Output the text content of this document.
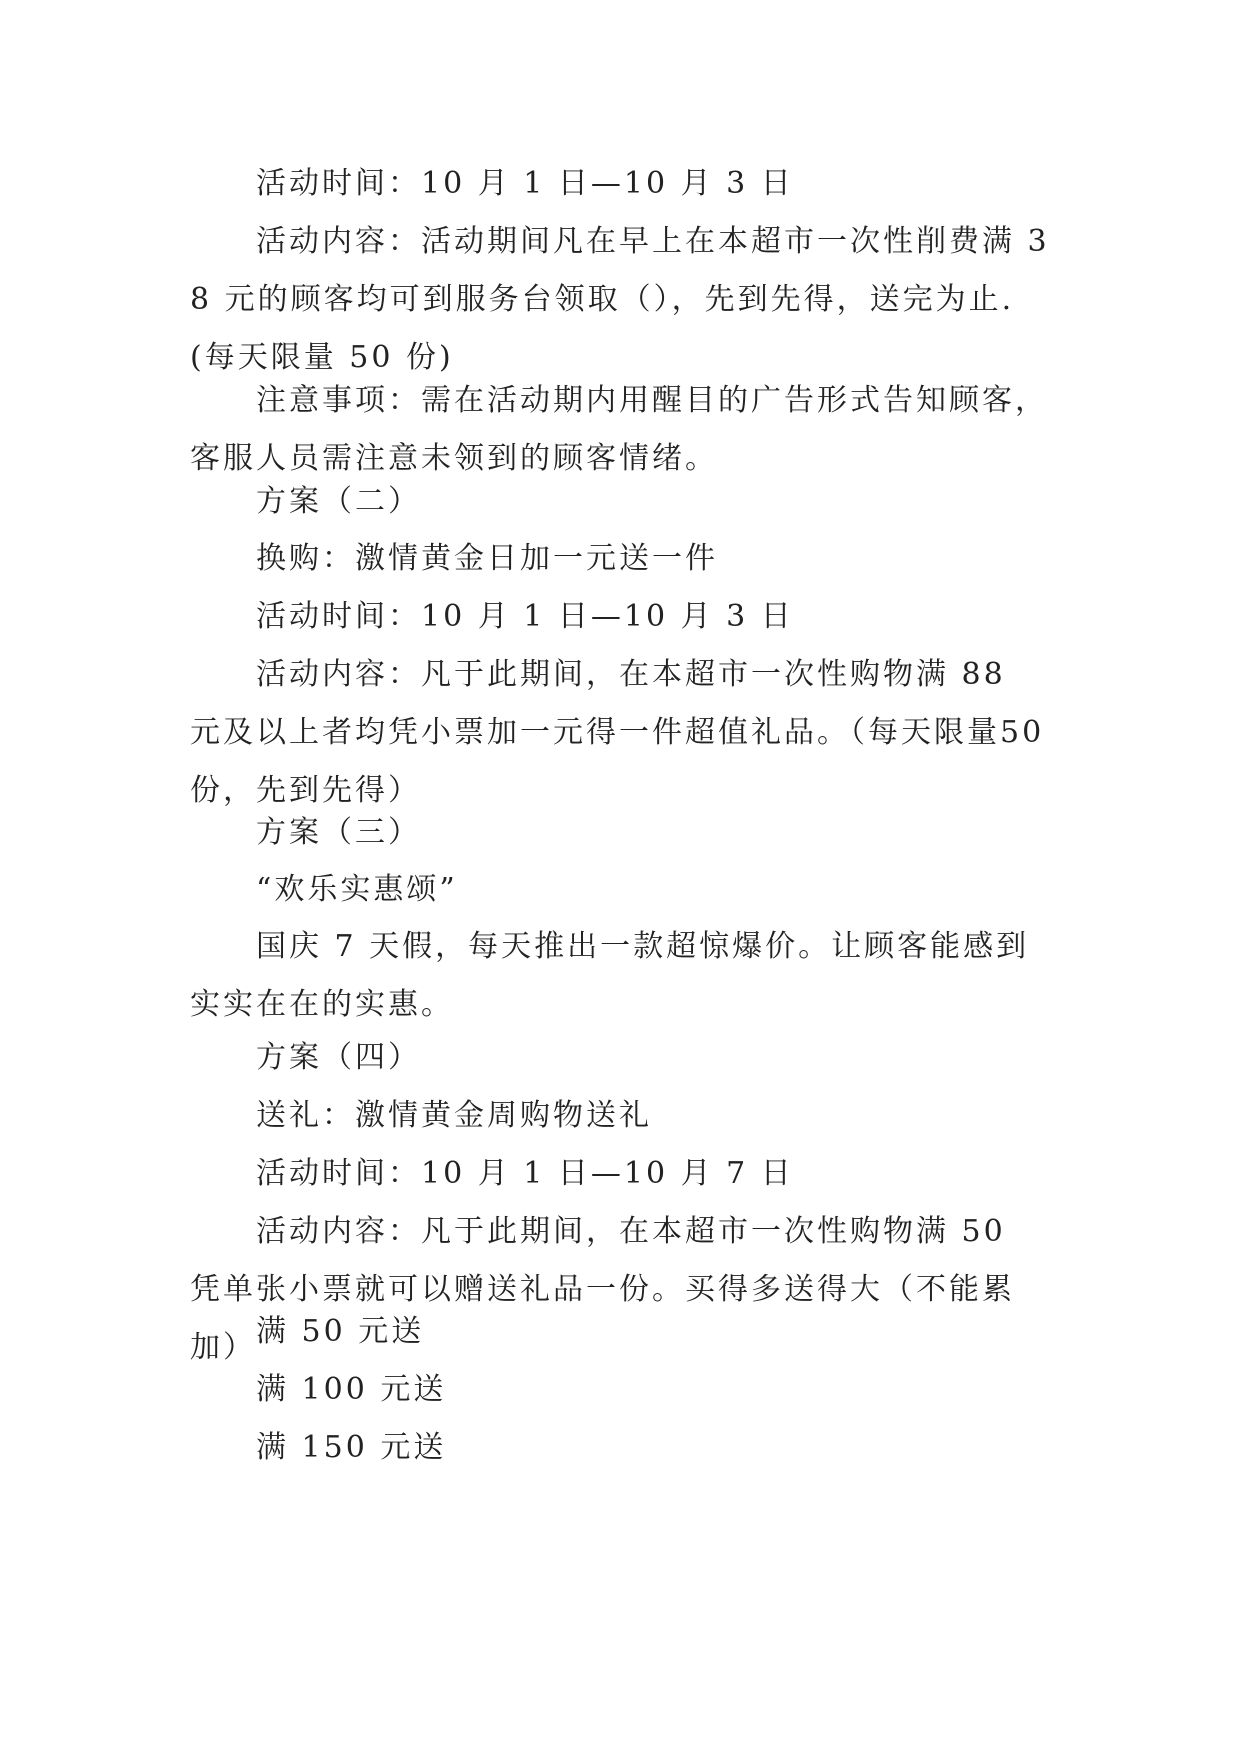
活动时间：10 月 1 日—10 月 3 日

活动内容：活动期间凡在早上在本超市一次性削费满 38 元的顾客均可到服务台领取（），先到先得，送完为止.(每天限量 50 份)

注意事项：需在活动期内用醒目的广告形式告知顾客，客服人员需注意未领到的顾客情绪。

方案（二）

换购：激情黄金日加一元送一件

活动时间：10 月 1 日—10 月 3 日

活动内容：凡于此期间，在本超市一次性购物满 88 元及以上者均凭小票加一元得一件超值礼品。（每天限量50份，先到先得）

方案（三）

“欢乐实惠颂”

国庆 7 天假，每天推出一款超惊爆价。让顾客能感到实实在在的实惠。

方案（四）

送礼：激情黄金周购物送礼

活动时间：10 月 1 日—10 月 7 日

活动内容：凡于此期间，在本超市一次性购物满 50 凭单张小票就可以赠送礼品一份。买得多送得大（不能累加） 满 50 元送

满 100 元送

满 150 元送
